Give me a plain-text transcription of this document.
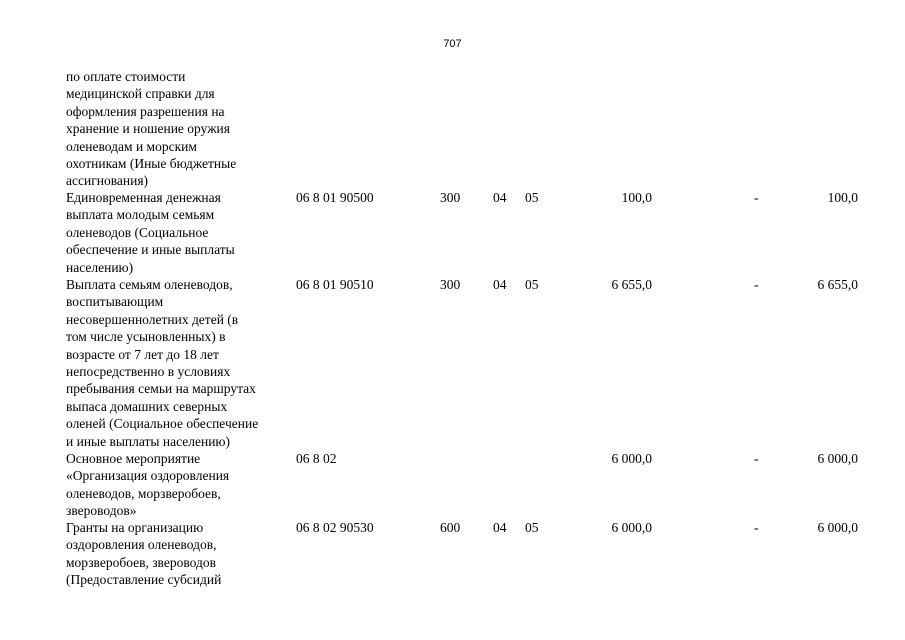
707
по оплате стоимости
медицинской справки для
оформления разрешения на
хранение и ношение оружия
оленеводам и морским
охотникам (Иные бюджетные
ассигнования)
Единовременная денежная
выплата молодым семьям
оленеводов (Социальное
обеспечение и иные выплаты
населению)
06 8 01 90500	300 04 05	100,0	-	100,0
Выплата семьям оленеводов,
воспитывающим
несовершеннолетних детей (в
том числе усыновленных) в
возрасте от 7 лет до 18 лет
непосредственно в условиях
пребывания семьи на маршрутах
выпаса домашних северных
оленей (Социальное обеспечение
и иные выплаты населению)
06 8 01 90510	300 04 05	6 655,0	-	6 655,0
Основное мероприятие
«Организация оздоровления
оленеводов, морзверобоев,
звероводов»
06 8 02	6 000,0	-	6 000,0
Гранты на организацию
оздоровления оленеводов,
морзверобоев, звероводов
(Предоставление субсидий
06 8 02 90530	600 04 05	6 000,0	-	6 000,0
